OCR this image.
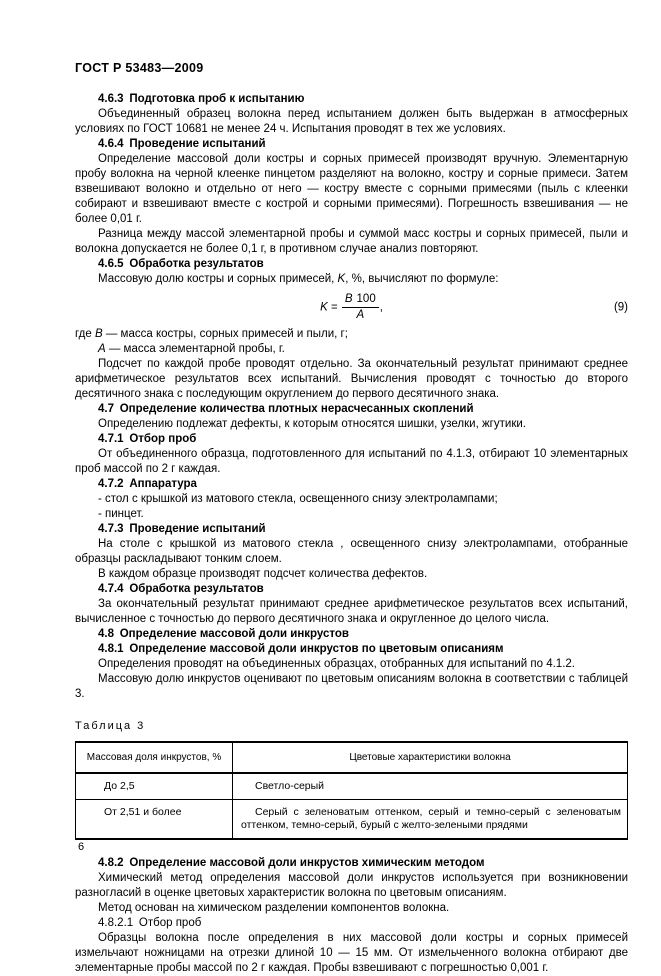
ГОСТ Р 53483—2009
4.6.3 Подготовка проб к испытанию

Объединенный образец волокна перед испытанием должен быть выдержан в атмосферных условиях по ГОСТ 10681 не менее 24 ч. Испытания проводят в тех же условиях.

4.6.4 Проведение испытаний

Определение массовой доли костры и сорных примесей производят вручную. Элементарную пробу волокна на черной клеенке пинцетом разделяют на волокно, костру и сорные примеси. Затем взвешивают волокно и отдельно от него — костру вместе с сорными примесями (пыль с клеенки собирают и взвешивают вместе с кострой и сорными примесями). Погрешность взвешивания — не более 0,01 г.

Разница между массой элементарной пробы и суммой масс костры и сорных примесей, пыли и волокна допускается не более 0,1 г, в противном случае анализ повторяют.

4.6.5 Обработка результатов

Массовую долю костры и сорных примесей, K, %, вычисляют по формуле:

$K = \frac{B 100}{A}$ ,	(9)

где B — масса костры, сорных примесей и пыли, г;

A — масса элементарной пробы, г.

Подсчет по каждой пробе проводят отдельно. За окончательный результат принимают среднее арифметическое результатов всех испытаний. Вычисления проводят с точностью до второго десятичного знака с последующим округлением до первого десятичного знака.

4.7 Определение количества плотных нерасчесанных скоплений

Определению подлежат дефекты, к которым относятся шишки, узелки, жгутики.

4.7.1 Отбор проб

От объединенного образца, подготовленного для испытаний по 4.1.3, отбирают 10 элементарных проб массой по 2 г каждая.

4.7.2 Аппаратура

- стол с крышкой из матового стекла, освещенного снизу электролампами;

- пинцет.

4.7.3 Проведение испытаний

На столе с крышкой из матового стекла , освещенного снизу электролампами, отобранные образцы раскладывают тонким слоем.

В каждом образце производят подсчет количества дефектов.

4.7.4 Обработка результатов

За окончательный результат принимают среднее арифметическое результатов всех испытаний, вычисленное с точностью до первого десятичного знака и округленное до целого числа.

4.8 Определение массовой доли инкрустов
4.8.1 Определение массовой доли инкрустов по цветовым описаниям

Определения проводят на объединенных образцах, отобранных для испытаний по 4.1.2.

Массовую долю инкрустов оценивают по цветовым описаниям волокна в соответствии с таблицей 3.

Таблица 3
Массовая доля инкрустов, %	Цветовые характеристики волокна
До 2,5	Светло-серый
От 2,51 и более	Серый с зеленоватым оттенком, серый и темно-серый с зеленоватым оттенком, темно-серый, бурый с желто-зелеными прядями
4.8.2 Определение массовой доли инкрустов химическим методом

Химический метод определения массовой доли инкрустов используется при возникновении разногласий в оценке цветовых характеристик волокна по цветовым описаниям.

Метод основан на химическом разделении компонентов волокна.

4.8.2.1 Отбор проб

Образцы волокна после определения в них массовой доли костры и сорных примесей измельчают ножницами на отрезки длиной 10 — 15 мм. От измельченного волокна отбирают две элементарные пробы массой по 2 г каждая. Пробы взвешивают с погрешностью 0,001 г.

6
